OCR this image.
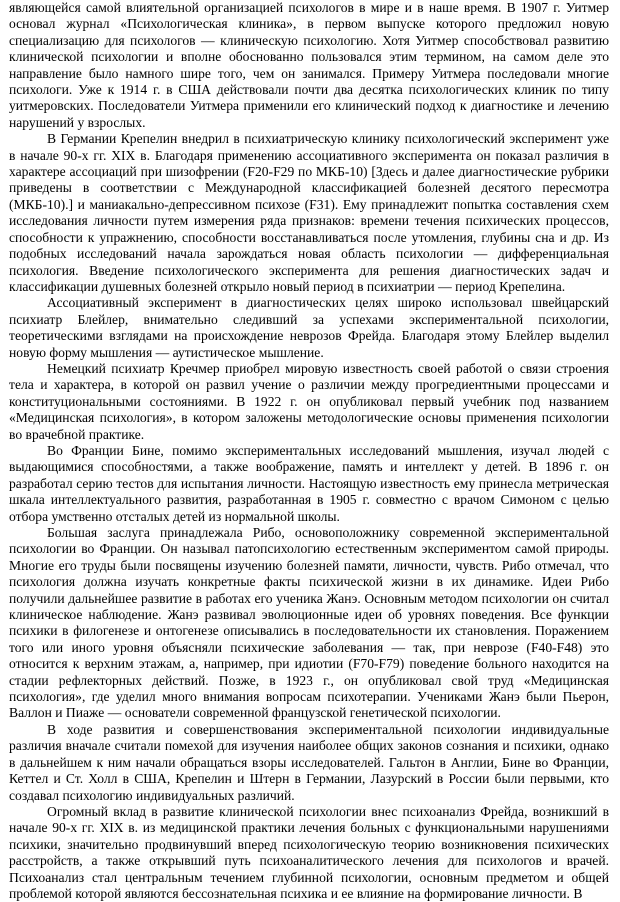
являющейся самой влиятельной организацией психологов в мире и в наше время. В 1907 г. Уитмер основал журнал «Психологическая клиника», в первом выпуске которого предложил новую специализацию для психологов — клиническую психологию. Хотя Уитмер способствовал развитию клинической психологии и вполне обоснованно пользовался этим термином, на самом деле это направление было намного шире того, чем он занимался. Примеру Уитмера последовали многие психологи. Уже к 1914 г. в США действовали почти два десятка психологических клиник по типу уитмеровских. Последователи Уитмера применили его клинический подход к диагностике и лечению нарушений у взрослых.

В Германии Крепелин внедрил в психиатрическую клинику психологический эксперимент уже в начале 90-х гг. XIX в. Благодаря применению ассоциативного эксперимента он показал различия в характере ассоциаций при шизофрении (F20-F29 по МКБ-10) [Здесь и далее диагностические рубрики приведены в соответствии с Международной классификацией болезней десятого пересмотра (МКБ-10).] и маниакально-депрессивном психозе (F31). Ему принадлежит попытка составления схем исследования личности путем измерения ряда признаков: времени течения психических процессов, способности к упражнению, способности восстанавливаться после утомления, глубины сна и др. Из подобных исследований начала зарождаться новая область психологии — дифференциальная психология. Введение психологического эксперимента для решения диагностических задач и классификации душевных болезней открыло новый период в психиатрии — период Крепелина.

Ассоциативный эксперимент в диагностических целях широко использовал швейцарский психиатр Блейлер, внимательно следивший за успехами экспериментальной психологии, теоретическими взглядами на происхождение неврозов Фрейда. Благодаря этому Блейлер выделил новую форму мышления — аутистическое мышление.

Немецкий психиатр Кречмер приобрел мировую известность своей работой о связи строения тела и характера, в которой он развил учение о различии между прогредиентными процессами и конституциональными состояниями. В 1922 г. он опубликовал первый учебник под названием «Медицинская психология», в котором заложены методологические основы применения психологии во врачебной практике.

Во Франции Бине, помимо экспериментальных исследований мышления, изучал людей с выдающимися способностями, а также воображение, память и интеллект у детей. В 1896 г. он разработал серию тестов для испытания личности. Настоящую известность ему принесла метрическая шкала интеллектуального развития, разработанная в 1905 г. совместно с врачом Симоном с целью отбора умственно отсталых детей из нормальной школы.

Большая заслуга принадлежала Рибо, основоположнику современной экспериментальной психологии во Франции. Он называл патопсихологию естественным экспериментом самой природы. Многие его труды были посвящены изучению болезней памяти, личности, чувств. Рибо отмечал, что психология должна изучать конкретные факты психической жизни в их динамике. Идеи Рибо получили дальнейшее развитие в работах его ученика Жанэ. Основным методом психологии он считал клиническое наблюдение. Жанэ развивал эволюционные идеи об уровнях поведения. Все функции психики в филогенезе и онтогенезе описывались в последовательности их становления. Поражением того или иного уровня объясняли психические заболевания — так, при неврозе (F40-F48) это относится к верхним этажам, а, например, при идиотии (F70-F79) поведение больного находится на стадии рефлекторных действий. Позже, в 1923 г., он опубликовал свой труд «Медицинская психология», где уделил много внимания вопросам психотерапии. Учениками Жанэ были Пьерон, Валлон и Пиаже — основатели современной французской генетической психологии.

В ходе развития и совершенствования экспериментальной психологии индивидуальные различия вначале считали помехой для изучения наиболее общих законов сознания и психики, однако в дальнейшем к ним начали обращаться взоры исследователей. Гальтон в Англии, Бине во Франции, Кеттел и Ст. Холл в США, Крепелин и Штерн в Германии, Лазурский в России были первыми, кто создавал психологию индивидуальных различий.

Огромный вклад в развитие клинической психологии внес психоанализ Фрейда, возникший в начале 90-х гг. XIX в. из медицинской практики лечения больных с функциональными нарушениями психики, значительно продвинувший вперед психологическую теорию возникновения психических расстройств, а также открывший путь психоаналитического лечения для психологов и врачей. Психоанализ стал центральным течением глубинной психологии, основным предметом и общей проблемой которой являются бессознательная психика и ее влияние на формирование личности. В
